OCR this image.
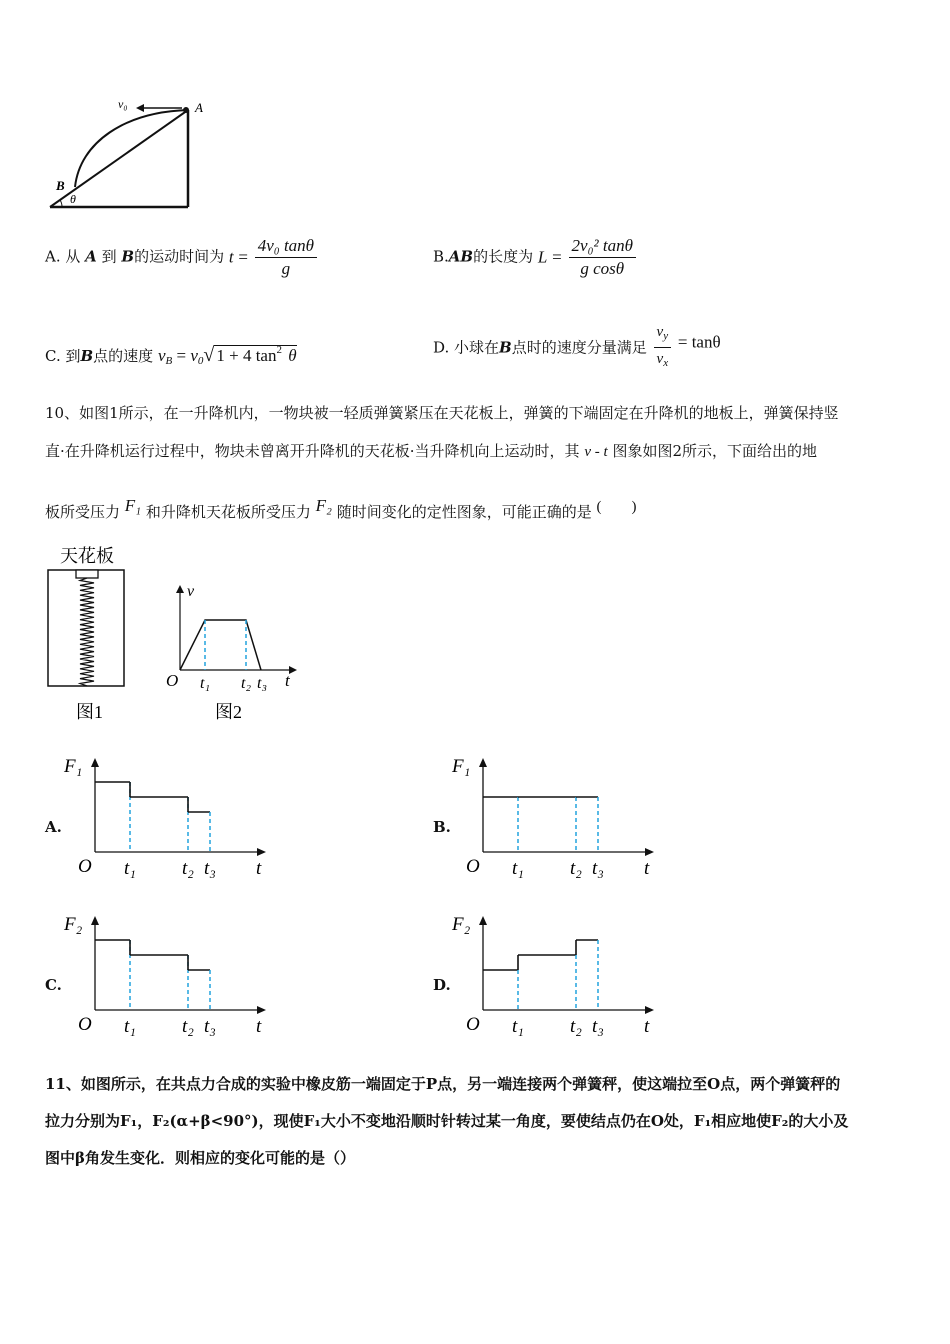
v₀	A
B
θ
A. 从 A 到 B的运动时间为 $t = \frac{\text{4v₀ tanθ}}{g}$	B.AB的长度为 $L = \frac{\text{2v₀² tanθ}}{\text{g cosθ}}$
C. 到B点的速度 $v_B = v_0√$ 1 + 4 $\tan^2 \theta$	D. 小球在B点时的速度分量满足 $\frac{v_y}{v_x} = \tan\theta$
10、如图1所示，在一升降机内，一物块被一轻质弹簧紧压在天花板上，弹簧的下端固定在升降机的地板上，弹簧保持竖
直·在升降机运行过程中，物块未曾离开升降机的天花板·当升降机向上运动时，其 v - t 图象如图2所示，下面给出的地
板所受压力 F₁ 和升降机天花板所受压力 F₂ 随时间变化的定性图象，可能正确的是 (　　)
天花板
图1
v
O t₁ t₂ t₃ t
图2
A.
F₁
O t₁ t₂ t₃ t
B.
F₁
O t₁ t₂ t₃ t
C.
F₂
O t₁ t₂ t₃ t
D.
F₂
O t₁ t₂ t₃ t
11、如图所示，在共点力合成的实验中橡皮筋一端固定于P点，另一端连接两个弹簧秤，使这端拉至O点，两个弹簧秤的
拉力分别为F₁，F₂(α+β<90°)，现使F₁大小不变地沿顺时针转过某一角度，要使结点仍在O处，F₁相应地使F₂的大小及
图中β角发生变化．则相应的变化可能的是（）
